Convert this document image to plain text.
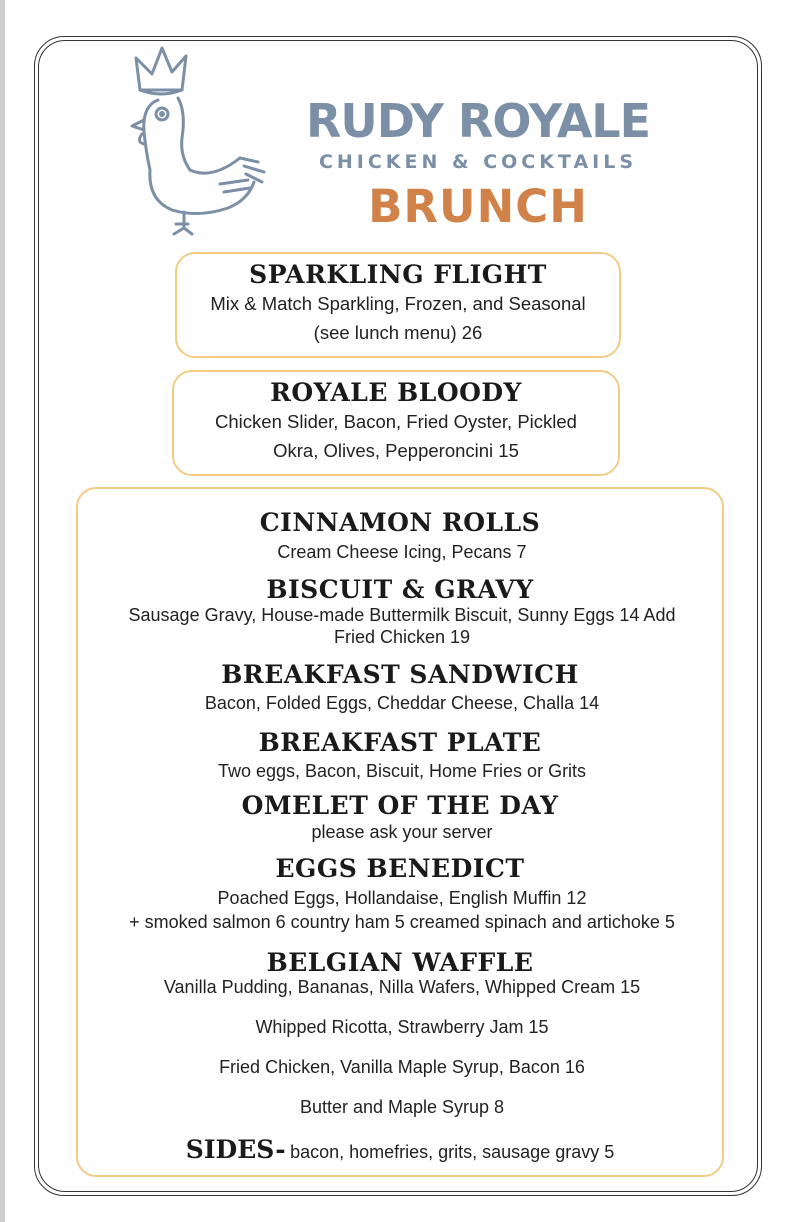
RUDY ROYALE
CHICKEN & COCKTAILS
BRUNCH
SPARKLING FLIGHT
Mix & Match Sparkling, Frozen, and Seasonal
(see lunch menu) 26
ROYALE BLOODY
Chicken Slider, Bacon, Fried Oyster, Pickled
Okra, Olives, Pepperoncini 15
CINNAMON ROLLS
Cream Cheese Icing, Pecans 7
BISCUIT & GRAVY
Sausage Gravy, House-made Buttermilk Biscuit, Sunny Eggs 14 Add Fried Chicken 19
BREAKFAST SANDWICH
Bacon, Folded Eggs, Cheddar Cheese, Challa 14
BREAKFAST PLATE
Two eggs, Bacon, Biscuit, Home Fries or Grits
OMELET OF THE DAY
please ask your server
EGGS BENEDICT
Poached Eggs, Hollandaise, English Muffin 12
+ smoked salmon 6 country ham 5 creamed spinach and artichoke 5
BELGIAN WAFFLE
Vanilla Pudding, Bananas, Nilla Wafers, Whipped Cream 15
Whipped Ricotta, Strawberry Jam 15
Fried Chicken, Vanilla Maple Syrup, Bacon 16
Butter and Maple Syrup 8
SIDES- bacon, homefries, grits, sausage gravy 5
